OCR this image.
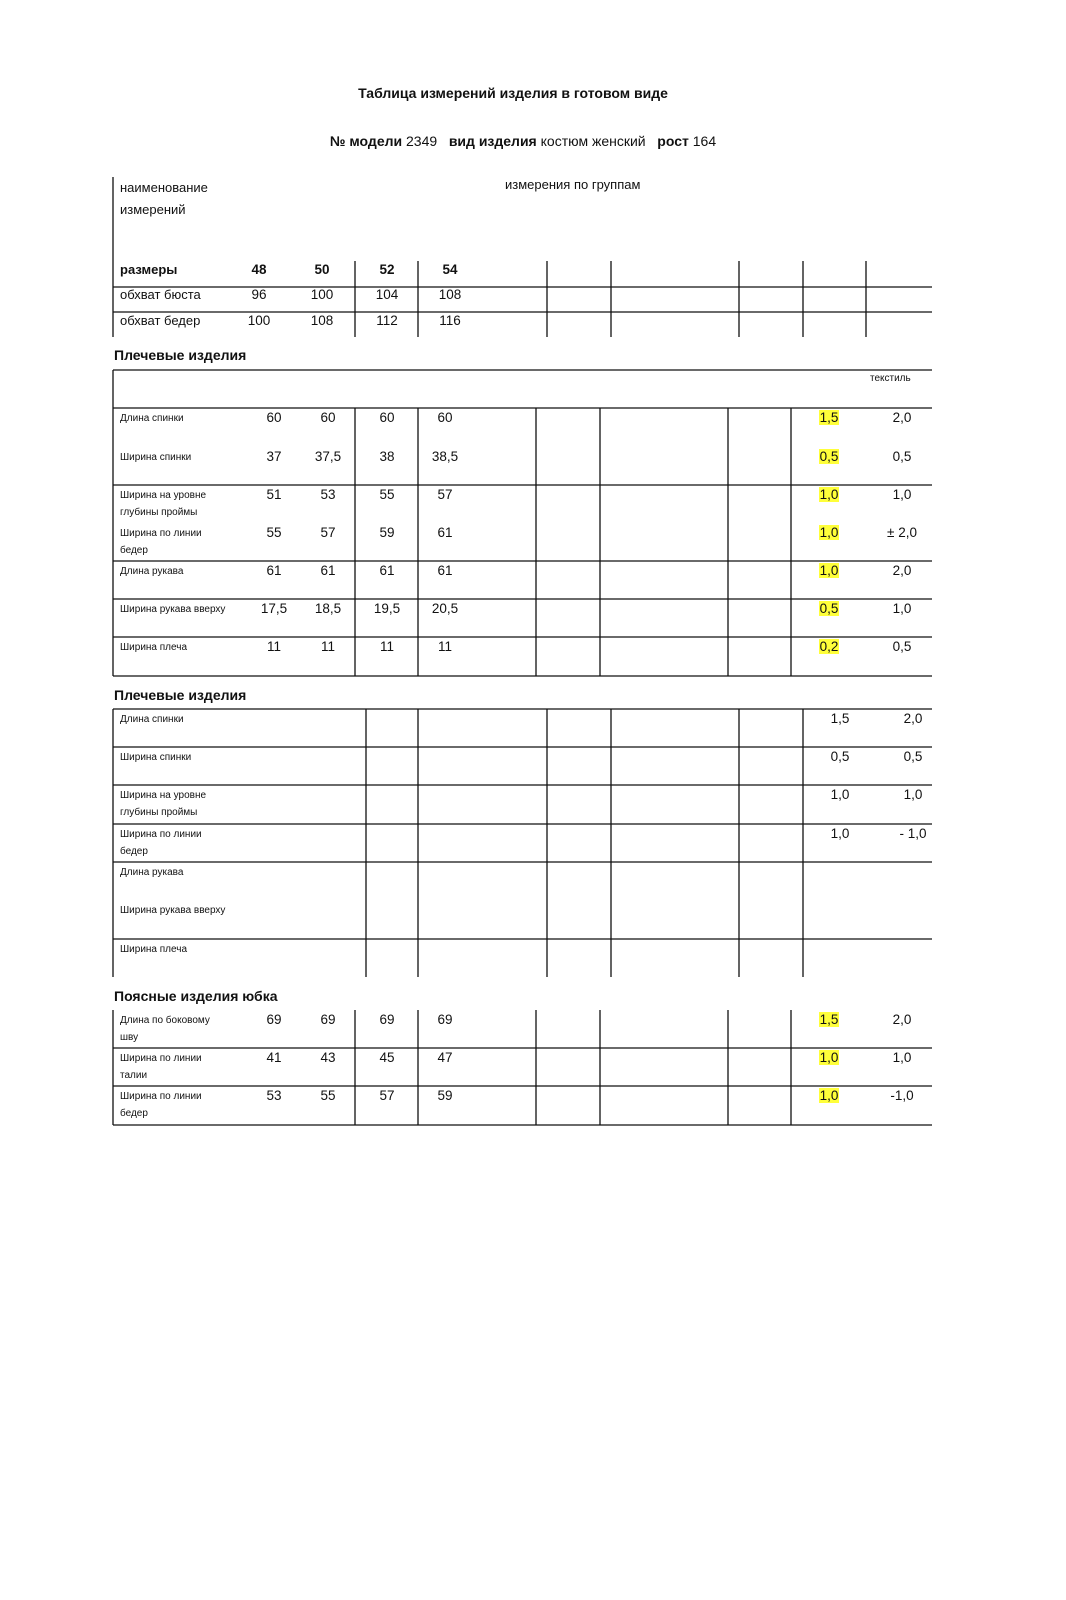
Таблица измерений изделия в готовом виде
№ модели 2349 вид изделия костюм женский рост 164
наименование
измерений
измерения по группам
размеры	48	50	52	54
обхват бюста	96	100	104	108
обхват бедер	100	108	112	116
Плечевые изделия
текстиль
Длина спинки	60	60	60	60	1,5	2,0
Ширина спинки	37	37,5	38	38,5	0,5	0,5
Ширина на уровне
глубины проймы
51	53	55	57	1,0	1,0
Ширина по линии
бедер
55	57	59	61	1,0	± 2,0
Длина рукава	61	61	61	61	1,0	2,0
Ширина рукава вверху	17,5	18,5	19,5	20,5	0,5	1,0
Ширина плеча	11	11	11	11	0,2	0,5
Плечевые изделия
Длина спинки	1,5	2,0
Ширина спинки	0,5	0,5
Ширина на уровне
глубины проймы
1,0	1,0
Ширина по линии
бедер
1,0	- 1,0
Длина рукава
Ширина рукава вверху
Ширина плеча
Поясные изделия юбка
Длина по боковому
шву
69	69	69	69	1,5	2,0
Ширина по линии
талии
41	43	45	47	1,0	1,0
Ширина по линии
бедер
53	55	57	59	1,0	-1,0
